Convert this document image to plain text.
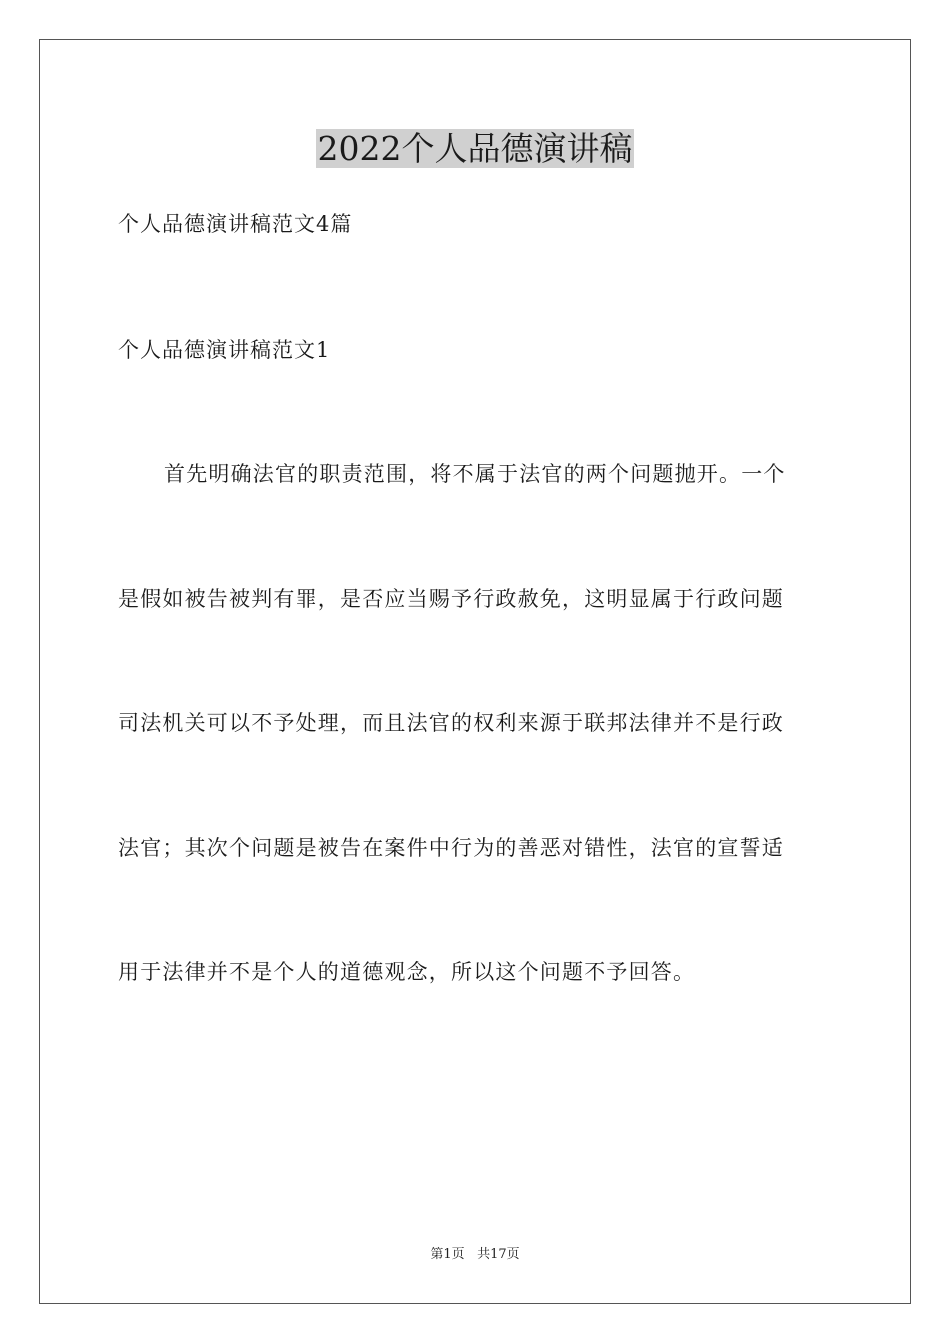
2022个人品德演讲稿

个人品德演讲稿范文4篇

个人品德演讲稿范文1

首先明确法官的职责范围，将不属于法官的两个问题抛开。一个

是假如被告被判有罪，是否应当赐予行政赦免，这明显属于行政问题

司法机关可以不予处理，而且法官的权利来源于联邦法律并不是行政

法官；其次个问题是被告在案件中行为的善恶对错性，法官的宣誓适

用于法律并不是个人的道德观念，所以这个问题不予回答。

第1页 共17页
